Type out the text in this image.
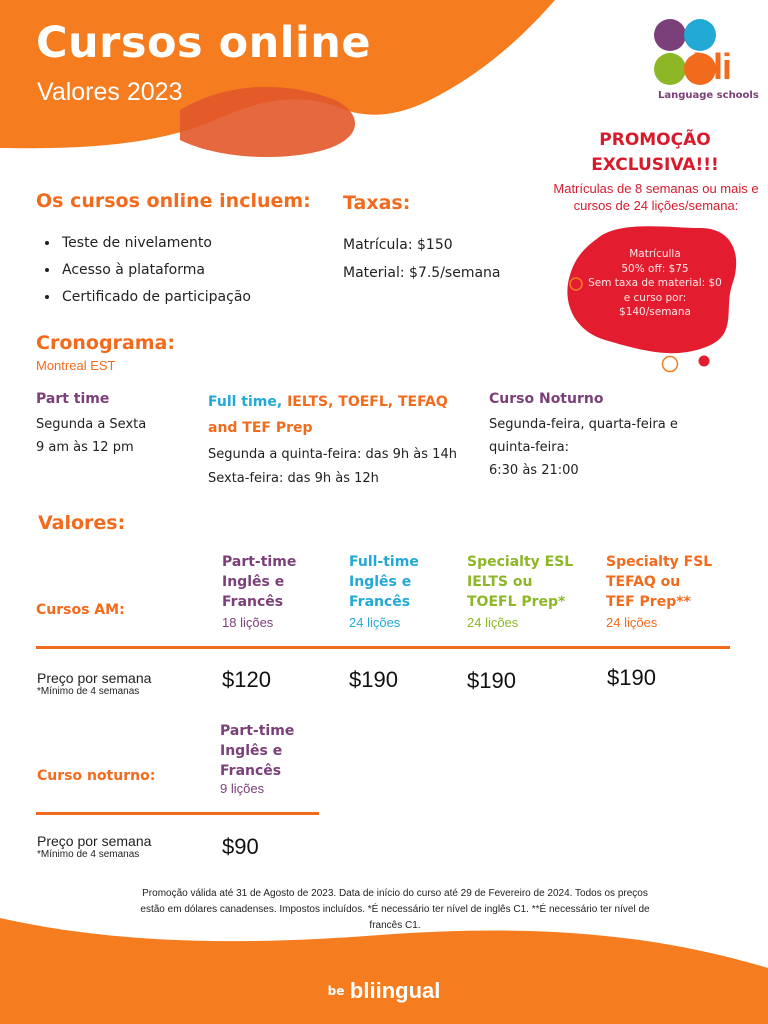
Cursos online
Valores 2023
bli
Language schools
PROMOÇÃO
EXCLUSIVA!!!
Matrículas de 8 semanas ou mais e cursos de 24 lições/semana:
Matrículla
50% off: $75
Sem taxa de material: $0
e curso por:
$140/semana
Os cursos online incluem:
• Teste de nivelamento
• Acesso à plataforma
• Certificado de participação
Taxas:
Matrícula: $150
Material: $7.5/semana
Cronograma:
Montreal EST
Part time
Segunda a Sexta
9 am às 12 pm
Full time, IELTS, TOEFL, TEFAQ
and TEF Prep
Segunda a quinta-feira: das 9h às 14h
Sexta-feira: das 9h às 12h
Curso Noturno
Segunda-feira, quarta-feira e
quinta-feira:
6:30 às 21:00
Valores:
Cursos AM:
Part-time
Inglês e
Francês
18 lições
Full-time
Inglês e
Francês
24 lições
Specialty ESL
IELTS ou
TOEFL Prep*
24 lições
Specialty FSL
TEFAQ ou
TEF Prep**
24 lições
Preço por semana
*Mínimo de 4 semanas	$120	$190	$190	$190
Part-time
Inglês e
Francês
9 lições
Curso noturno:
Preço por semana
*Mínimo de 4 semanas	$90
Promoção válida até 31 de Agosto de 2023. Data de início do curso até 29 de Fevereiro de 2024. Todos os preços estão em dólares canadenses. Impostos incluídos. *É necessário ter nível de inglês C1. **É necessário ter nível de francês C1.
be bliingual
